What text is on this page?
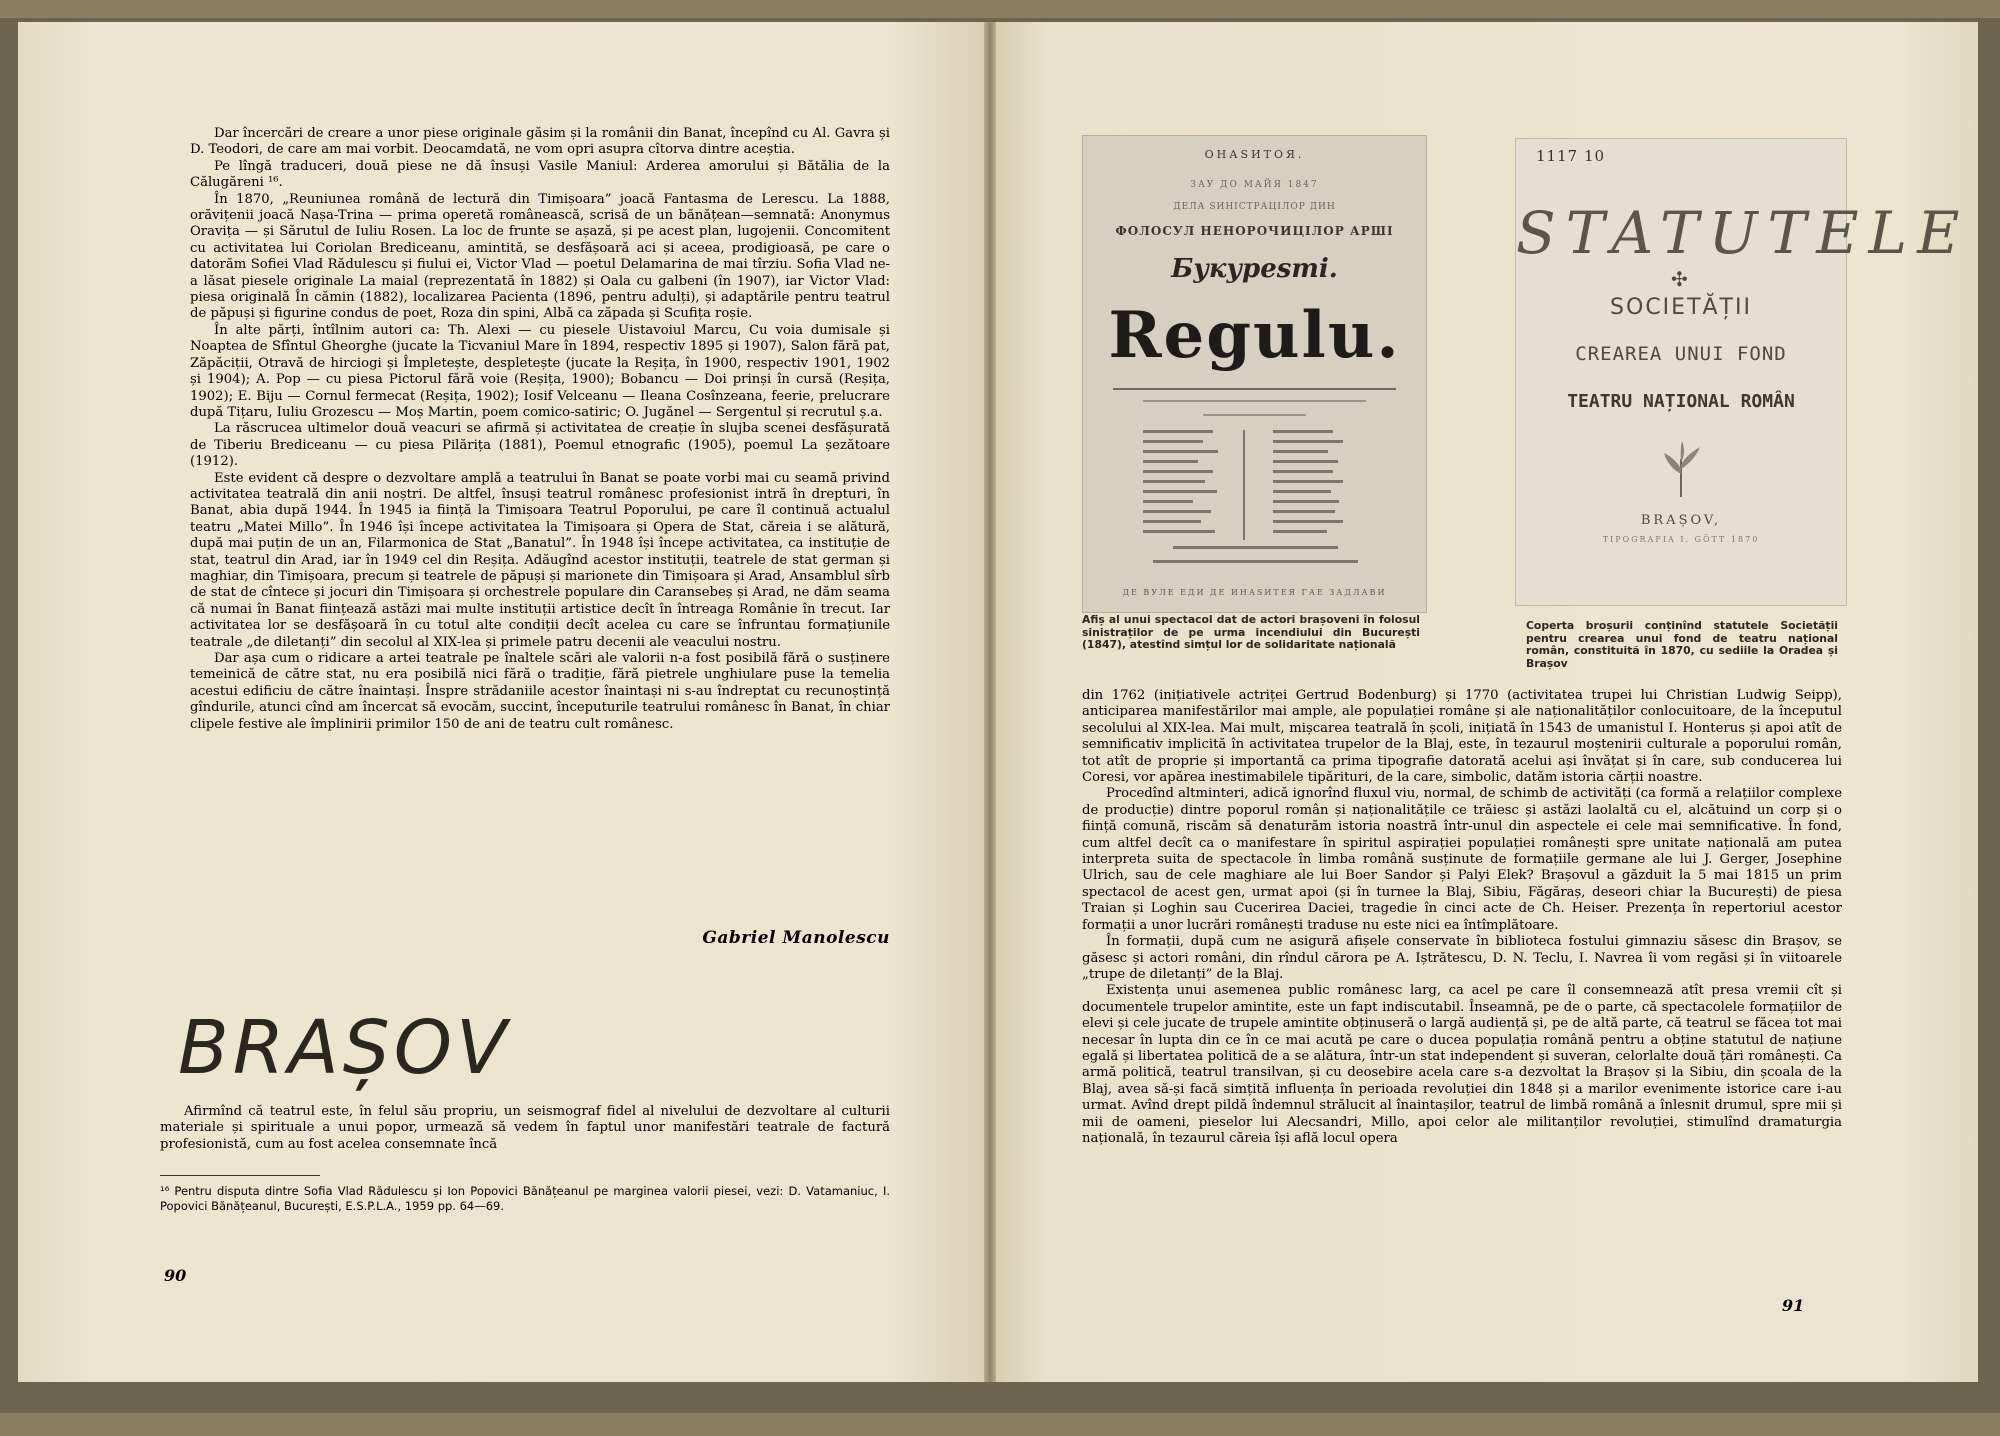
Dar încercări de creare a unor piese originale găsim și la românii din Banat, începînd cu Al. Gavra și D. Teodori, de care am mai vorbit. Deocamdată, ne vom opri asupra cîtorva dintre aceștia.

Pe lîngă traduceri, două piese ne dă însuși Vasile Maniul: Arderea amorului și Bătălia de la Călugăreni ¹⁶.

În 1870, „Reuniunea română de lectură din Timișoara” joacă Fantasma de Lerescu. La 1888, orăvițenii joacă Nașa-Trina — prima operetă românească, scrisă de un bănățean—semnată: Anonymus Oravița — și Sărutul de Iuliu Rosen. La loc de frunte se așază, și pe acest plan, lugojenii. Concomitent cu activitatea lui Coriolan Brediceanu, amintită, se desfășoară aci și aceea, prodigioasă, pe care o datorăm Sofiei Vlad Rădulescu și fiului ei, Victor Vlad — poetul Delamarina de mai tîrziu. Sofia Vlad ne-a lăsat piesele originale La maial (reprezentată în 1882) și Oala cu galbeni (în 1907), iar Victor Vlad: piesa originală În cămin (1882), localizarea Pacienta (1896, pentru adulți), și adaptările pentru teatrul de păpuși și figurine condus de poet, Roza din spini, Albă ca zăpada și Scufița roșie.

În alte părți, întîlnim autori ca: Th. Alexi — cu piesele Uistavoiul Marcu, Cu voia dumisale și Noaptea de Sfîntul Gheorghe (jucate la Ticvaniul Mare în 1894, respectiv 1895 și 1907), Salon fără pat, Zăpăciții, Otravă de hirciogi și Împletește, despletește (jucate la Reșița, în 1900, respectiv 1901, 1902 și 1904); A. Pop — cu piesa Pictorul fără voie (Reșița, 1900); Bobancu — Doi prinși în cursă (Reșița, 1902); E. Biju — Cornul fermecat (Reșița, 1902); Iosif Velceanu — Ileana Cosînzeana, feerie, prelucrare după Tițaru, Iuliu Grozescu — Moș Martin, poem comico-satiric; O. Jugănel — Sergentul și recrutul ș.a.

La răscrucea ultimelor două veacuri se afirmă și activitatea de creație în slujba scenei desfășurată de Tiberiu Brediceanu — cu piesa Pilărița (1881), Poemul etnografic (1905), poemul La șezătoare (1912).

Este evident că despre o dezvoltare amplă a teatrului în Banat se poate vorbi mai cu seamă privind activitatea teatrală din anii noștri. De altfel, însuși teatrul românesc profesionist intră în drepturi, în Banat, abia după 1944. În 1945 ia ființă la Timișoara Teatrul Poporului, pe care îl continuă actualul teatru „Matei Millo”. În 1946 își începe activitatea la Timișoara și Opera de Stat, căreia i se alătură, după mai puțin de un an, Filarmonica de Stat „Banatul”. În 1948 își începe activitatea, ca instituție de stat, teatrul din Arad, iar în 1949 cel din Reșița. Adăugînd acestor instituții, teatrele de stat german și maghiar, din Timișoara, precum și teatrele de păpuși și marionete din Timișoara și Arad, Ansamblul sîrb de stat de cîntece și jocuri din Timișoara și orchestrele populare din Caransebeș și Arad, ne dăm seama că numai în Banat ființează astăzi mai multe instituții artistice decît în întreaga Românie în trecut. Iar activitatea lor se desfășoară în cu totul alte condiții decît acelea cu care se înfruntau formațiunile teatrale „de diletanți” din secolul al XIX-lea și primele patru decenii ale veacului nostru.

Dar așa cum o ridicare a artei teatrale pe înaltele scări ale valorii n-a fost posibilă fără o susținere temeinică de către stat, nu era posibilă nici fără o tradiție, fără pietrele unghiulare puse la temelia acestui edificiu de către înaintași. Înspre strădaniile acestor înaintași ni s-au îndreptat cu recunoștință gîndurile, atunci cînd am încercat să evocăm, succint, începuturile teatrului românesc în Banat, în chiar clipele festive ale împlinirii primilor 150 de ani de teatru cult românesc.

Gabriel Manolescu
BRAȘOV

Afirmînd că teatrul este, în felul său propriu, un seismograf fidel al nivelului de dezvoltare al culturii materiale și spirituale a unui popor, urmează să vedem în faptul unor manifestări teatrale de factură profesionistă, cum au fost acelea consemnate încă

¹⁶ Pentru disputa dintre Sofia Vlad Rădulescu și Ion Popovici Bănățeanul pe marginea valorii piesei, vezi: D. Vatamaniuc, I. Popovici Bănățeanul, București, E.S.P.L.A., 1959 pp. 64—69.
90
ОНАЅИТОЯ.
ЗАУ ДО МАЙЯ 1847
ДЕЛА ЅИНІСТРАЦІЛОР ДИН
ФОЛОСУЛ НЕНОРОЧИЦІЛОР АРШІ
Букуреsті.
Regulu.
ДЕ ВУЛЕ ЕДИ ДЕ ИНАЅИТЕЯ ГАЕ ЗАДЛАВИ
Afiș al unui spectacol dat de actori brașoveni în folosul sinistraților de pe urma incendiului din București (1847), atestînd simțul lor de solidaritate națională
1117 10
STATUTELE
✣
SOCIETĂȚII
CREAREA UNUI FOND
TEATRU NAȚIONAL ROMÂN
BRAȘOV,
TIPOGRAFIA I. GÖTT 1870
Coperta broșurii conținînd statutele Societății pentru crearea unui fond de teatru național român, constituită în 1870, cu sediile la Oradea și Brașov

din 1762 (inițiativele actriței Gertrud Bodenburg) și 1770 (activitatea trupei lui Christian Ludwig Seipp), anticiparea manifestărilor mai ample, ale populației române și ale naționalităților conlocuitoare, de la începutul secolului al XIX-lea. Mai mult, mișcarea teatrală în școli, inițiată în 1543 de umanistul I. Honterus și apoi atît de semnificativ implicită în activitatea trupelor de la Blaj, este, în tezaurul moștenirii culturale a poporului român, tot atît de proprie și importantă ca prima tipografie datorată acelui ași învățat și în care, sub conducerea lui Coresi, vor apărea inestimabilele tipărituri, de la care, simbolic, datăm istoria cărții noastre.

Procedînd altminteri, adică ignorînd fluxul viu, normal, de schimb de activități (ca formă a relațiilor complexe de producție) dintre poporul român și naționalitățile ce trăiesc și astăzi laolaltă cu el, alcătuind un corp și o ființă comună, riscăm să denaturăm istoria noastră într-unul din aspectele ei cele mai semnificative. În fond, cum altfel decît ca o manifestare în spiritul aspirației populației românești spre unitate națională am putea interpreta suita de spectacole în limba română susținute de formațiile germane ale lui J. Gerger, Josephine Ulrich, sau de cele maghiare ale lui Boer Sandor și Palyi Elek? Brașovul a găzduit la 5 mai 1815 un prim spectacol de acest gen, urmat apoi (și în turnee la Blaj, Sibiu, Făgăraș, deseori chiar la București) de piesa Traian și Loghin sau Cucerirea Daciei, tragedie în cinci acte de Ch. Heiser. Prezența în repertoriul acestor formații a unor lucrări românești traduse nu este nici ea întîmplătoare.

În formații, după cum ne asigură afișele conservate în biblioteca fostului gimnaziu săsesc din Brașov, se găsesc și actori români, din rîndul cărora pe A. Iștrătescu, D. N. Teclu, I. Navrea îi vom regăsi și în viitoarele „trupe de diletanți” de la Blaj.

Existența unui asemenea public românesc larg, ca acel pe care îl consemnează atît presa vremii cît și documentele trupelor amintite, este un fapt indiscutabil. Înseamnă, pe de o parte, că spectacolele formațiilor de elevi și cele jucate de trupele amintite obținuseră o largă audiență și, pe de altă parte, că teatrul se făcea tot mai necesar în lupta din ce în ce mai acută pe care o ducea populația română pentru a obține statutul de națiune egală și libertatea politică de a se alătura, într-un stat independent și suveran, celorlalte două țări românești. Ca armă politică, teatrul transilvan, și cu deosebire acela care s-a dezvoltat la Brașov și la Sibiu, din școala de la Blaj, avea să-și facă simțită influența în perioada revoluției din 1848 și a marilor evenimente istorice care i-au urmat. Avînd drept pildă îndemnul strălucit al înaintașilor, teatrul de limbă română a înlesnit drumul, spre mii și mii de oameni, pieselor lui Alecsandri, Millo, apoi celor ale militanților revoluției, stimulînd dramaturgia națională, în tezaurul căreia își află locul opera

91
